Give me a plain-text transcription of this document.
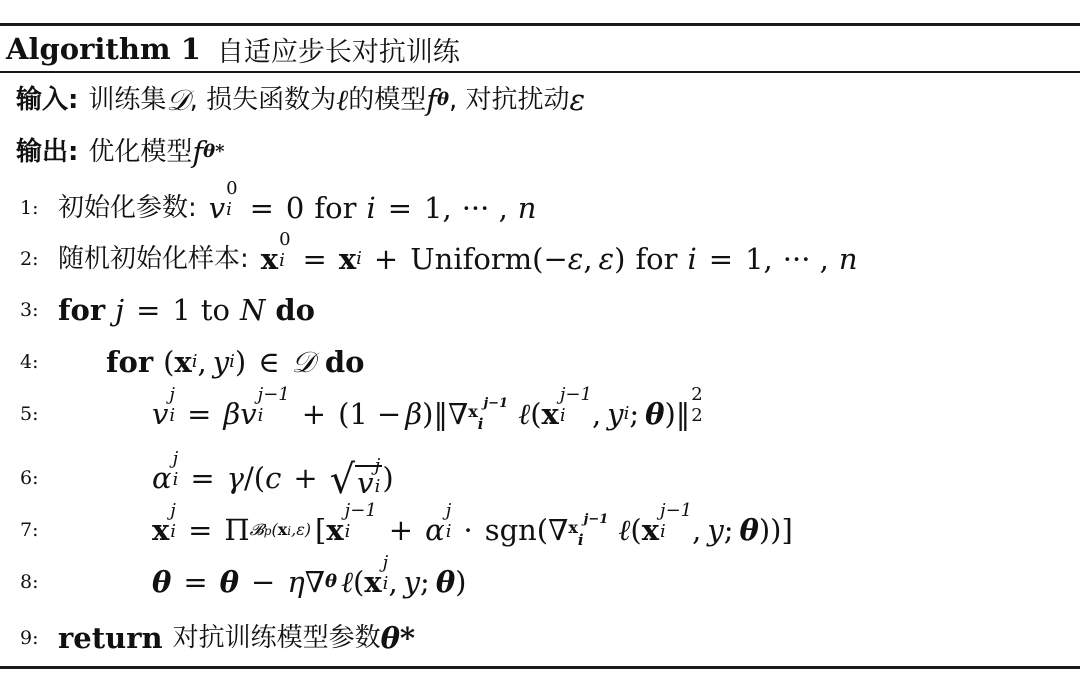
Algorithm 1 自适应步长对抗训练
输入: 训练集 𝒟 , 损失函数为 ℓ 的模型 f θ , 对抗扰动 ε
输出: 优化模型 f θ*
1: 初始化参数: v
0
i = 0 for i = 1, ··· , n
2: 随机初始化样本: x
0
i = x i + Uniform(− ε , ε ) for i = 1, ··· , n
3: for j = 1 to N do
4:	for ( x i , y i ) ∈ 𝒟 do
5:	v
j
i = βv
j−1
i	+ (1 − β )‖∇ $xi^{j-1}$ ℓ ( x
j−1
i , y i ; θ )‖
2
2
6:	α
j
i = γ /( c + √ v
j
i )
7:	x
j
i = Π 𝓑p(xi,ε) [ x
j−1
i	+ α
j
i · sgn(∇ $xi^{j-1}$ ℓ ( x
j−1
i , y ; θ ))]
8:	θ = θ − η ∇ θ ℓ ( x
j
i , y ; θ )
9: return 对抗训练模型参数 θ*
